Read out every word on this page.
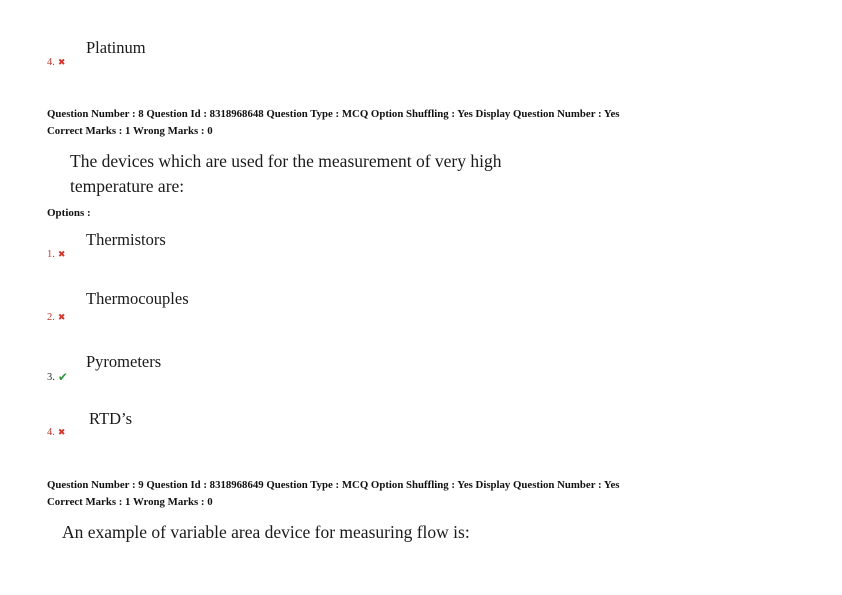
Platinum
4. ✖
Question Number : 8 Question Id : 8318968648 Question Type : MCQ Option Shuffling : Yes Display Question Number : Yes
Correct Marks : 1 Wrong Marks : 0
The devices which are used for the measurement of very high
temperature are:
Options :
Thermistors
1. ✖
Thermocouples
2. ✖
Pyrometers
3. ✔
RTD’s
4. ✖
Question Number : 9 Question Id : 8318968649 Question Type : MCQ Option Shuffling : Yes Display Question Number : Yes
Correct Marks : 1 Wrong Marks : 0
An example of variable area device for measuring flow is:
